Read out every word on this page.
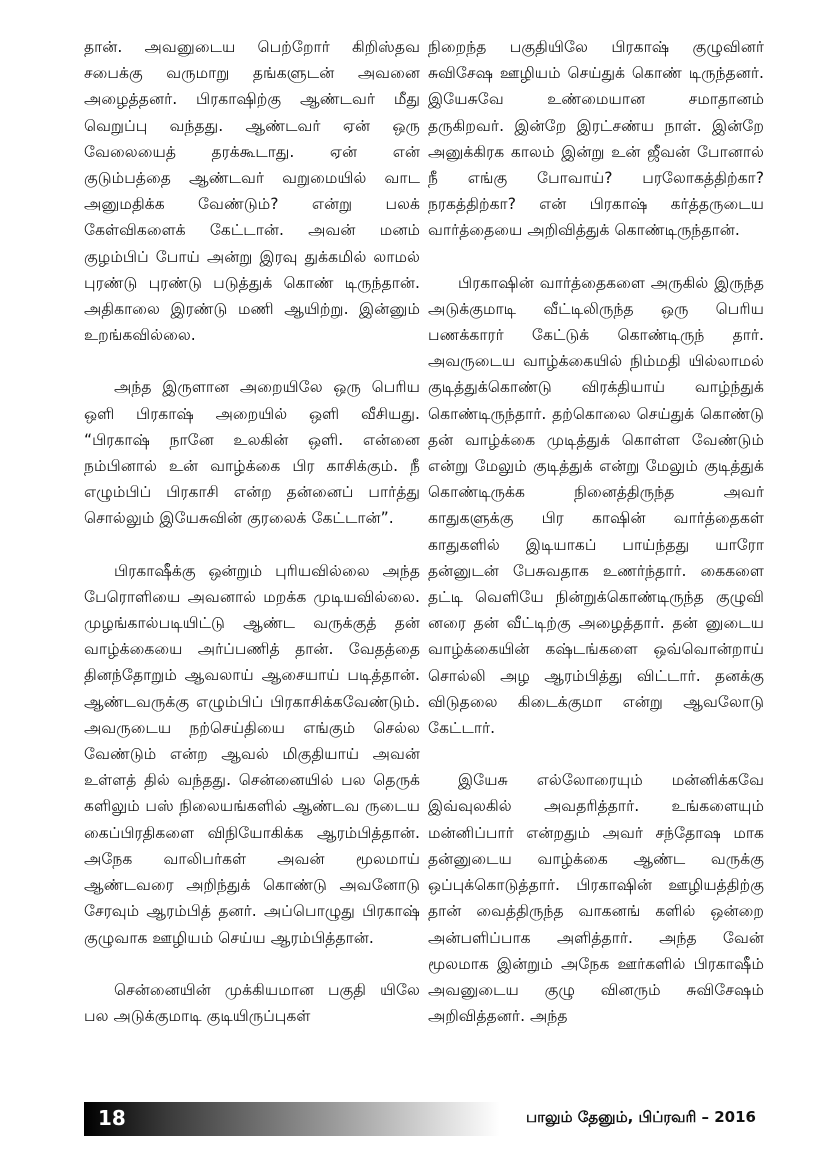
தான். அவனுடைய பெற்றோர் கிறிஸ்தவ சபைக்கு வருமாறு தங்களுடன் அவனை அழைத்தனர். பிரகாஷிற்கு ஆண்டவர் மீது வெறுப்பு வந்தது. ஆண்டவர் ஏன் ஒரு வேலையைத் தரக்கூடாது. ஏன் என் குடும்பத்தை ஆண்டவர் வறுமையில் வாட அனுமதிக்க வேண்டும்? என்று பலக் கேள்விகளைக் கேட்டான். அவன் மனம் குழம்பிப் போய் அன்று இரவு துக்கமில் லாமல் புரண்டு புரண்டு படுத்துக் கொண் டிருந்தான். அதிகாலை இரண்டு மணி ஆயிற்று. இன்னும் உறங்கவில்லை.

அந்த இருளான அறையிலே ஒரு பெரிய ஒளி பிரகாஷ் அறையில் ஒளி வீசியது. “பிரகாஷ் நானே உலகின் ஒளி. என்னை நம்பினால் உன் வாழ்க்கை பிர காசிக்கும். நீ எழும்பிப் பிரகாசி என்ற தன்னைப் பார்த்து சொல்லும் இயேசுவின் குரலைக் கேட்டான்”.

பிரகாஷீக்கு ஒன்றும் புரியவில்லை அந்த பேரொளியை அவனால் மறக்க முடியவில்லை. முழங்கால்படியிட்டு ஆண்ட வருக்குத் தன் வாழ்க்கையை அர்ப்பணித் தான். வேதத்தை தினந்தோறும் ஆவலாய் ஆசையாய் படித்தான். ஆண்டவருக்கு எழும்பிப் பிரகாசிக்கவேண்டும். அவருடைய நற்செய்தியை எங்கும் செல்ல வேண்டும் என்ற ஆவல் மிகுதியாய் அவன் உள்ளத் தில் வந்தது. சென்னையில் பல தெருக் களிலும் பஸ் நிலையங்களில் ஆண்டவ ருடைய கைப்பிரதிகளை விநியோகிக்க ஆரம்பித்தான். அநேக வாலிபர்கள் அவன் மூலமாய் ஆண்டவரை அறிந்துக் கொண்டு அவனோடு சேரவும் ஆரம்பித் தனர். அப்பொழுது பிரகாஷ் குழுவாக ஊழியம் செய்ய ஆரம்பித்தான்.

சென்னையின் முக்கியமான பகுதி யிலே பல அடுக்குமாடி குடியிருப்புகள்

நிறைந்த பகுதியிலே பிரகாஷ் குழுவினர் சுவிசேஷ ஊழியம் செய்துக் கொண் டிருந்தனர். இயேசுவே உண்மையான சமாதானம் தருகிறவர். இன்றே இரட்சண்ய நாள். இன்றே அனுக்கிரக காலம் இன்று உன் ஜீவன் போனால் நீ எங்கு போவாய்? பரலோகத்திற்கா? நரகத்திற்கா? என் பிரகாஷ் கர்த்தருடைய வார்த்தையை அறிவித்துக் கொண்டிருந்தான்.

பிரகாஷின் வார்த்தைகளை அருகில் இருந்த அடுக்குமாடி வீட்டிலிருந்த ஒரு பெரிய பணக்காரர் கேட்டுக் கொண்டிருந் தார். அவருடைய வாழ்க்கையில் நிம்மதி யில்லாமல் குடித்துக்கொண்டு விரக்தியாய் வாழ்ந்துக் கொண்டிருந்தார். தற்கொலை செய்துக் கொண்டு தன் வாழ்க்கை முடித்துக் கொள்ள வேண்டும் என்று மேலும் குடித்துக் என்று மேலும் குடித்துக் கொண்டிருக்க நினைத்திருந்த அவர் காதுகளுக்கு பிர காஷின் வார்த்தைகள் காதுகளில் இடியாகப் பாய்ந்தது யாரோ தன்னுடன் பேசுவதாக உணர்ந்தார். கைகளை தட்டி வெளியே நின்றுக்கொண்டிருந்த குழுவி னரை தன் வீட்டிற்கு அழைத்தார். தன் னுடைய வாழ்க்கையின் கஷ்டங்களை ஒவ்வொன்றாய் சொல்லி அழ ஆரம்பித்து விட்டார். தனக்கு விடுதலை கிடைக்குமா என்று ஆவலோடு கேட்டார்.

இயேசு எல்லோரையும் மன்னிக்கவே இவ்வுலகில் அவதரித்தார். உங்களையும் மன்னிப்பார் என்றதும் அவர் சந்தோஷ மாக தன்னுடைய வாழ்க்கை ஆண்ட வருக்கு ஒப்புக்கொடுத்தார். பிரகாஷின் ஊழியத்திற்கு தான் வைத்திருந்த வாகனங் களில் ஒன்றை அன்பளிப்பாக அளித்தார். அந்த வேன் மூலமாக இன்றும் அநேக ஊர்களில் பிரகாஷீம் அவனுடைய குழு வினரும் சுவிசேஷம் அறிவித்தனர். அந்த

18	பாலும் தேனும், பிப்ரவரி – 2016
